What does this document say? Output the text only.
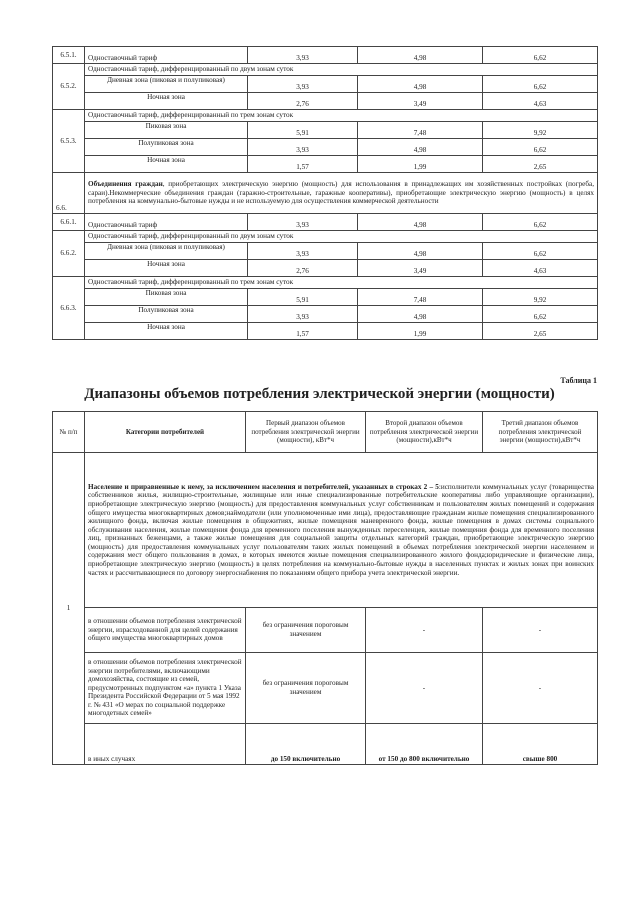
6.5.1.	Одноставочный тариф	3,93	4,98	6,62
6.5.2.	Одноставочный тариф, дифференцированный по двум зонам суток			
	Дневная зона (пиковая и полупиковая)	3,93	4,98	6,62
	Ночная зона	2,76	3,49	4,63
6.5.3.	Одноставочный тариф, дифференцированный по трем зонам суток			
	Пиковая зона	5,91	7,48	9,92
	Полупиковая зона	3,93	4,98	6,62
	Ночная зона	1,57	1,99	2,65
6.6.	Объединения граждан, приобретающих электрическую энергию (мощность) для использования в принадлежащих им хозяйственных постройках (погреба, сараи).Некоммерческие объединения граждан (гаражно-строительные, гаражные кооперативы), приобретающие электрическую энергию (мощность) в целях потребления на коммунально-бытовые нужды и не используемую для осуществления коммерческой деятельности			
6.6.1.	Одноставочный тариф	3,93	4,98	6,62
6.6.2.	Одноставочный тариф, дифференцированный по двум зонам суток			
	Дневная зона (пиковая и полупиковая)	3,93	4,98	6,62
	Ночная зона	2,76	3,49	4,63
6.6.3.	Одноставочный тариф, дифференцированный по трем зонам суток			
	Пиковая зона	5,91	7,48	9,92
	Полупиковая зона	3,93	4,98	6,62
	Ночная зона	1,57	1,99	2,65
Таблица 1
Диапазоны объемов потребления электрической энергии (мощности)
№ п/п	Категории потребителей	Первый диапазон объемов потребления электрической энергии (мощности), кВт*ч	Второй диапазон объемов потребления электрической энергии (мощности),кВт*ч	Третий диапазон объемов потребления электрической энергии (мощности),кВт*ч
1	Население и приравненные к нему, за исключением населения и потребителей, указанных в строках 2 – 5:исполнители коммунальных услуг (товарищества собственников жилья, жилищно-строительные, жилищные или иные специализированные потребительские кооперативы либо управляющие организации), приобретающие электрическую энергию (мощность) для предоставления коммунальных услуг собственникам и пользователям жилых помещений и содержания общего имущества многоквартирных домов;наймодатели (или уполномоченные ими лица), предоставляющие гражданам жилые помещения специализированного жилищного фонда, включая жилые помещения в общежитиях, жилые помещения маневренного фонда, жилые помещения в домах системы социального обслуживания населения, жилые помещения фонда для временного поселения вынужденных переселенцев, жилые помещения фонда для временного поселения лиц, признанных беженцами, а также жилые помещения для социальной защиты отдельных категорий граждан, приобретающие электрическую энергию (мощность) для предоставления коммунальных услуг пользователям таких жилых помещений в объемах потребления электрической энергии населением и содержания мест общего пользования в домах, в которых имеются жилые помещения специализированного жилого фонда;юридические и физические лица, приобретающие электрическую энергию (мощность) в целях потребления на коммунально-бытовые нужды в населенных пунктах и жилых зонах при воинских частях и рассчитывающиеся по договору энергоснабжения по показаниям общего прибора учета электрической энергии.			
	в отношении объемов потребления электрической энергии, израсходованной для целей содержания общего имущества многоквартирных домов	без ограничения пороговым значением	-	-
	в отношении объемов потребления электрической энергии потребителями, включающими домохозяйства, состоящие из семей, предусмотренных подпунктом «а» пункта 1 Указа Президента Российской Федерации от 5 мая 1992 г. № 431 «О мерах по социальной поддержке многодетных семей»	без ограничения пороговым значением	-	-
	в иных случаях	до 150 включительно	от 150 до 800 включительно	свыше 800
